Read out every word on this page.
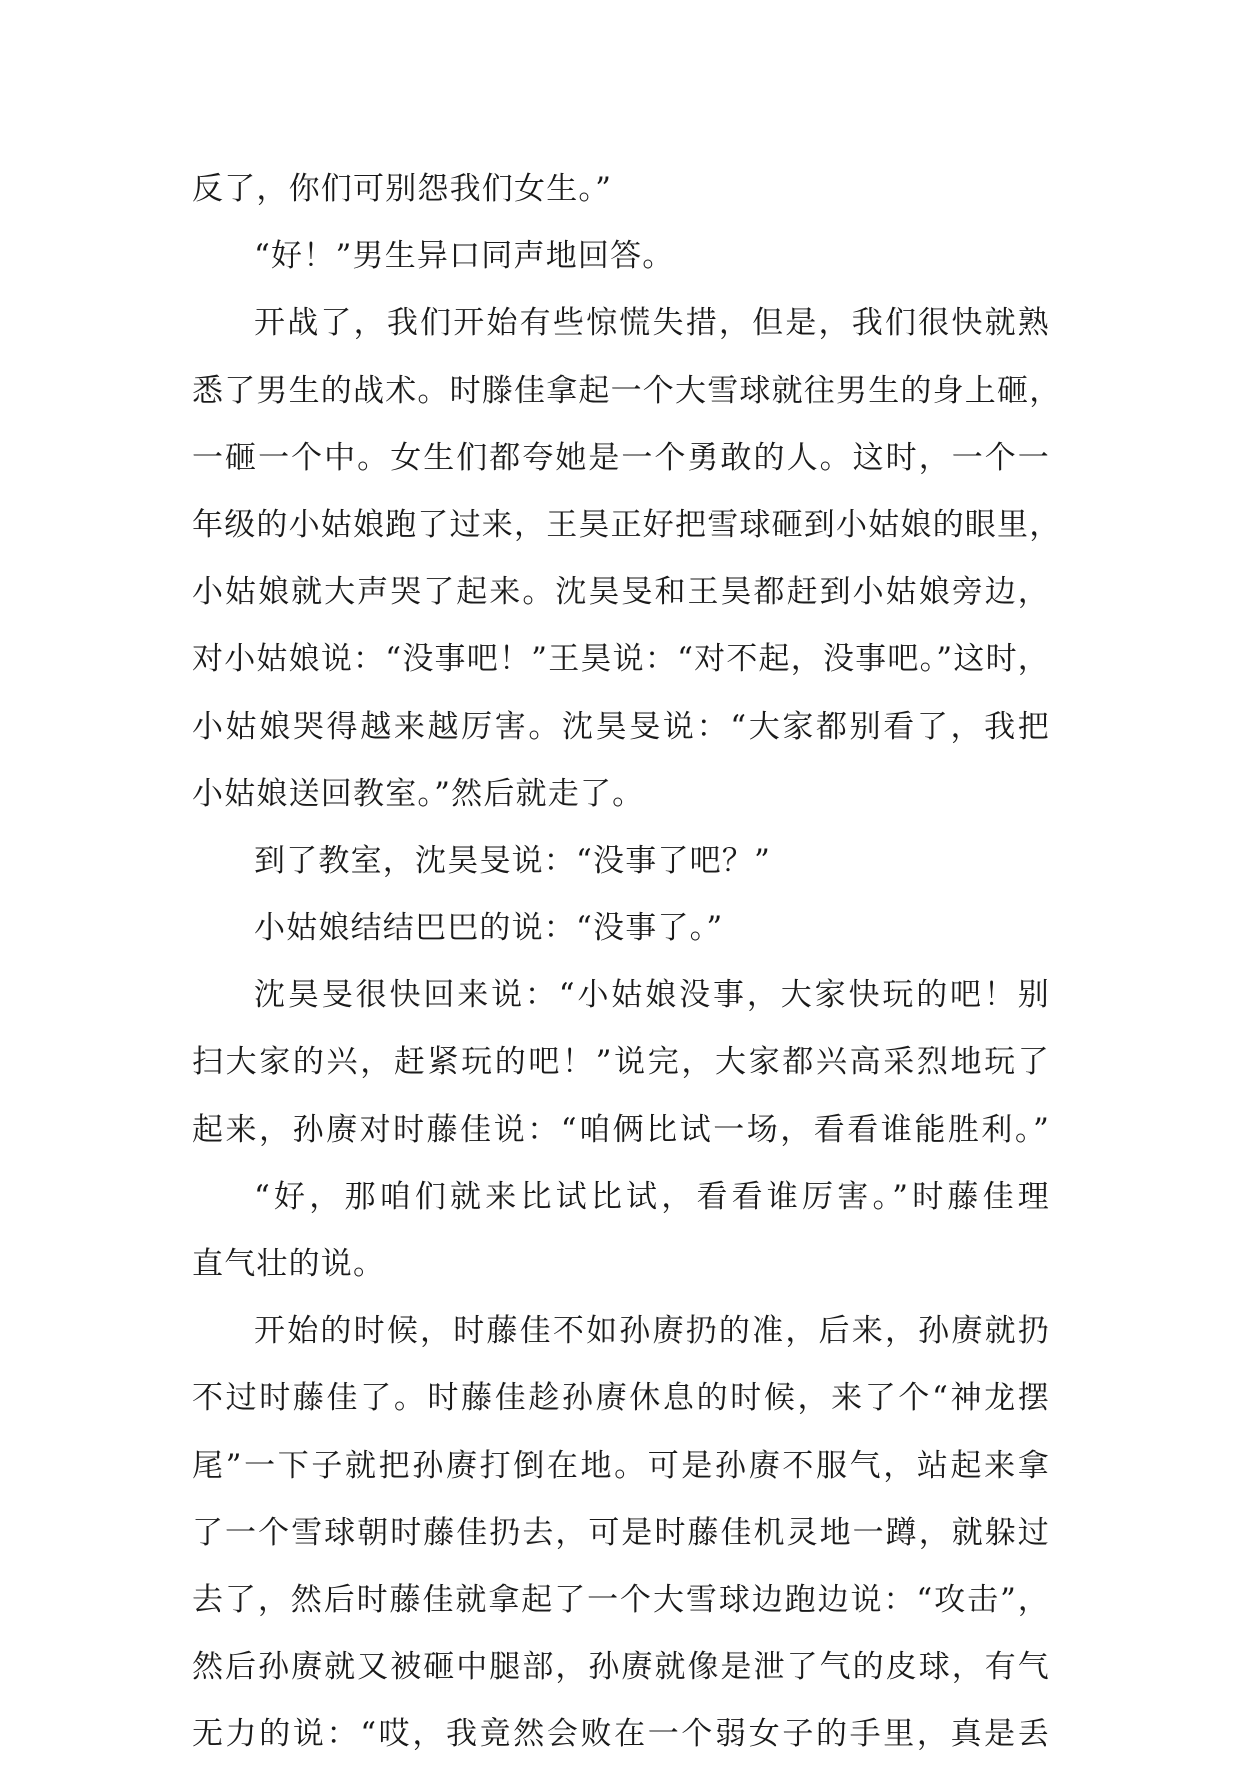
反了，你们可别怨我们女生。”
“好！”男生异口同声地回答。
开战了，我们开始有些惊慌失措，但是，我们很快就熟
悉了男生的战术。时滕佳拿起一个大雪球就往男生的身上砸，
一砸一个中。女生们都夸她是一个勇敢的人。这时，一个一
年级的小姑娘跑了过来，王昊正好把雪球砸到小姑娘的眼里，
小姑娘就大声哭了起来。沈昊旻和王昊都赶到小姑娘旁边，
对小姑娘说：“没事吧！”王昊说：“对不起，没事吧。”这时，
小姑娘哭得越来越厉害。沈昊旻说：“大家都别看了，我把
小姑娘送回教室。”然后就走了。
到了教室，沈昊旻说：“没事了吧？”
小姑娘结结巴巴的说：“没事了。”
沈昊旻很快回来说：“小姑娘没事，大家快玩的吧！别
扫大家的兴，赶紧玩的吧！”说完，大家都兴高采烈地玩了
起来，孙赓对时藤佳说：“咱俩比试一场，看看谁能胜利。”
“好，那咱们就来比试比试，看看谁厉害。”时藤佳理
直气壮的说。
开始的时候，时藤佳不如孙赓扔的准，后来，孙赓就扔
不过时藤佳了。时藤佳趁孙赓休息的时候，来了个“神龙摆
尾”一下子就把孙赓打倒在地。可是孙赓不服气，站起来拿
了一个雪球朝时藤佳扔去，可是时藤佳机灵地一蹲，就躲过
去了，然后时藤佳就拿起了一个大雪球边跑边说：“攻击”，
然后孙赓就又被砸中腿部，孙赓就像是泄了气的皮球，有气
无力的说：“哎，我竟然会败在一个弱女子的手里，真是丢
